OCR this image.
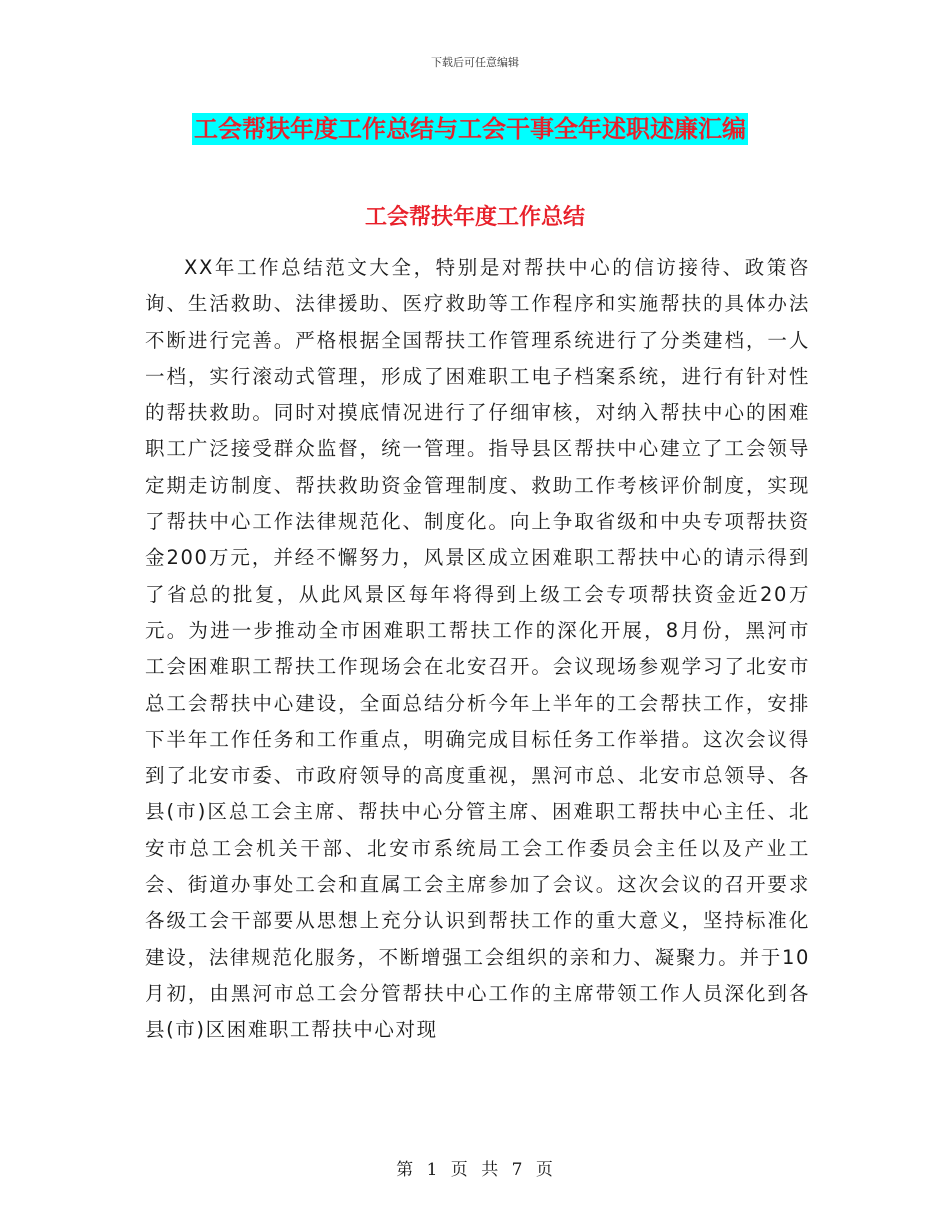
下载后可任意编辑
工会帮扶年度工作总结与工会干事全年述职述廉汇编
工会帮扶年度工作总结

XX年工作总结范文大全，特别是对帮扶中心的信访接待、政策咨询、生活救助、法律援助、医疗救助等工作程序和实施帮扶的具体办法不断进行完善。严格根据全国帮扶工作管理系统进行了分类建档，一人一档，实行滚动式管理，形成了困难职工电子档案系统，进行有针对性的帮扶救助。同时对摸底情况进行了仔细审核，对纳入帮扶中心的困难职工广泛接受群众监督，统一管理。指导县区帮扶中心建立了工会领导定期走访制度、帮扶救助资金管理制度、救助工作考核评价制度，实现了帮扶中心工作法律规范化、制度化。向上争取省级和中央专项帮扶资金200万元，并经不懈努力，风景区成立困难职工帮扶中心的请示得到了省总的批复，从此风景区每年将得到上级工会专项帮扶资金近20万元。为进一步推动全市困难职工帮扶工作的深化开展，8月份，黑河市工会困难职工帮扶工作现场会在北安召开。会议现场参观学习了北安市总工会帮扶中心建设，全面总结分析今年上半年的工会帮扶工作，安排下半年工作任务和工作重点，明确完成目标任务工作举措。这次会议得到了北安市委、市政府领导的高度重视，黑河市总、北安市总领导、各县(市)区总工会主席、帮扶中心分管主席、困难职工帮扶中心主任、北安市总工会机关干部、北安市系统局工会工作委员会主任以及产业工会、街道办事处工会和直属工会主席参加了会议。这次会议的召开要求各级工会干部要从思想上充分认识到帮扶工作的重大意义，坚持标准化建设，法律规范化服务，不断增强工会组织的亲和力、凝聚力。并于10月初，由黑河市总工会分管帮扶中心工作的主席带领工作人员深化到各县(市)区困难职工帮扶中心对现

第 1 页 共 7 页
